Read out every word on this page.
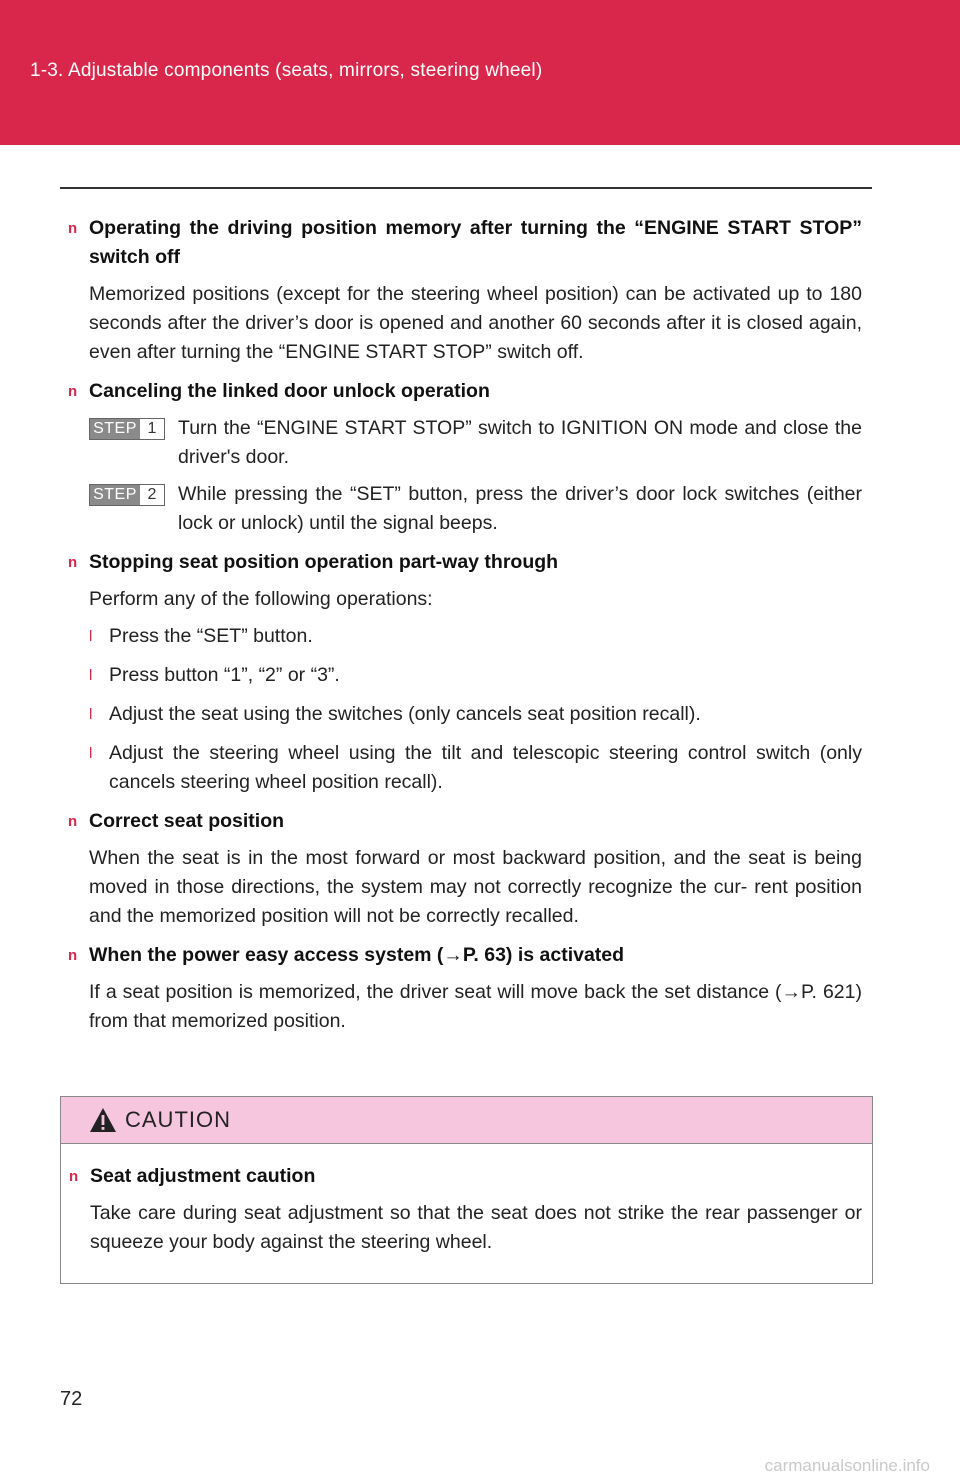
1-3. Adjustable components (seats, mirrors, steering wheel)
n Operating the driving position memory after turning the “ENGINE START STOP” switch off
Memorized positions (except for the steering wheel position) can be activated up to 180 seconds after the driver’s door is opened and another 60 seconds after it is closed again, even after turning the “ENGINE START STOP” switch off.
n Canceling the linked door unlock operation
STEP 1	Turn the “ENGINE START STOP” switch to IGNITION ON mode and close the driver's door.
STEP 2	While pressing the “SET” button, press the driver’s door lock switches (either lock or unlock) until the signal beeps.
n Stopping seat position operation part-way through
Perform any of the following operations:
l Press the “SET” button.
l Press button “1”, “2” or “3”.
l Adjust the seat using the switches (only cancels seat position recall).
l Adjust the steering wheel using the tilt and telescopic steering control switch (only cancels steering wheel position recall).
n Correct seat position
When the seat is in the most forward or most backward position, and the seat is being moved in those directions, the system may not correctly recognize the cur- rent position and the memorized position will not be correctly recalled.
n When the power easy access system (→P. 63) is activated
If a seat position is memorized, the driver seat will move back the set distance (→P. 621) from that memorized position.
CAUTION
n Seat adjustment caution
Take care during seat adjustment so that the seat does not strike the rear passenger or squeeze your body against the steering wheel.
72
carmanualsonline.info
